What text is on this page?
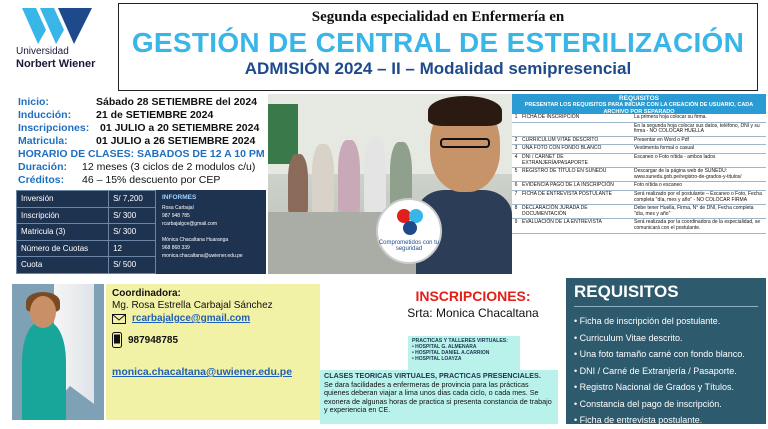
Universidad
Norbert Wiener
Segunda especialidad en Enfermería en
GESTIÓN DE CENTRAL DE ESTERILIZACIÓN
ADMISIÓN 2024 – II – Modalidad semipresencial
Inicio:	Sábado 28 SETIEMBRE del 2024
Inducción: 21 de SETIEMBRE 2024
Inscripciones: 01 JULIO a 20 SETIEMBRE 2024
Matricula:	01 JULIO a 26 SETIEMBRE 2024
HORARIO DE CLASES: SABADOS DE 12 A 10 PM
Duración: 12 meses (3 ciclos de 2 modulos c/u)
Créditos: 46 – 15% descuento por CEP
Inversión	S/ 7,200
Inscripción	S/ 300
Matricula (3)	S/ 300
Número de Cuotas	12
Cuota	S/ 500
INFORMES
Rosa Carbajal
987 948 785
rcarbajalgce@gmail.com
Mónica Chacaltana Huaranga
968 868 339
monica.chacaltana@uwiener.edu.pe
Comprometidos con tu seguridad
REQUISITOS
PRESENTAR LOS REQUISITOS PARA INICIAR CON LA CREACIÓN DE USUARIO, CADA ARCHIVO POR SEPARADO
1	FICHA DE INSCRIPCIÓN	La primera hoja colocar su firma.
		En la segunda hoja colocar sus datos, teléfono, DNI y su firma - NO COLOCAR HUELLA
2	CURRICULUM VITAE DESCRITO	Presentar en Word o Pdf
3	UNA FOTO CON FONDO BLANCO	Vestimenta formal o casual
4	DNI / CARNET DE EXTRANJERÍA/PASAPORTE	Escaneo o Foto nítida - ambos lados
5	REGISTRO DE TÍTULO EN SUNEDU	Descargar de la página web de SUNEDU: www.sunedu.gob.pe/registro-de-grados-y-titulos/
6	EVIDENCIA PAGO DE LA INSCRIPCIÓN	Foto nítida o escaneo
7	FICHA DE ENTREVISTA POSTULANTE	Será realizado por el postulante – Escaneo o Foto, Fecha completa "día, mes y año" - NO COLOCAR FIRMA
8	DECLARACIÓN JURADA DE DOCUMENTACIÓN	Debe tener Huella, Firma, N° de DNI, Fecha completa "día, mes y año"
9	EVALUACIÓN DE LA ENTREVISTA	Será realizada por la coordinadora de la especialidad, se comunicará con el postulante.
Coordinadora:
Mg. Rosa Estrella Carbajal Sánchez
rcarbajalgce@gmail.com
987948785
monica.chacaltana@uwiener.edu.pe
INSCRIPCIONES:
Srta: Monica Chacaltana
PRACTICAS Y TALLERES VIRTUALES:
• HOSPITAL G. ALMENARA
• HOSPITAL DANIEL A.CARRION
• HOSPITAL LOAYZA
CLASES TEORICAS VIRTUALES, PRACTICAS PRESENCIALES.
Se dara facilidades a enfermeras de provincia para las prácticas quienes deberan viajar a lima unos dias cada ciclo, o cada mes. Se exonera de algunas horas de practica si presenta constancia de trabajo y experiencia en CE.
REQUISITOS
• Ficha de inscripción del postulante.
• Curriculum Vitae descrito.
• Una foto tamaño carné con fondo blanco.
• DNI / Carné de Extranjería / Pasaporte.
• Registro Nacional de Grados y Títulos.
• Constancia del pago de inscripción.
• Ficha de entrevista postulante.
